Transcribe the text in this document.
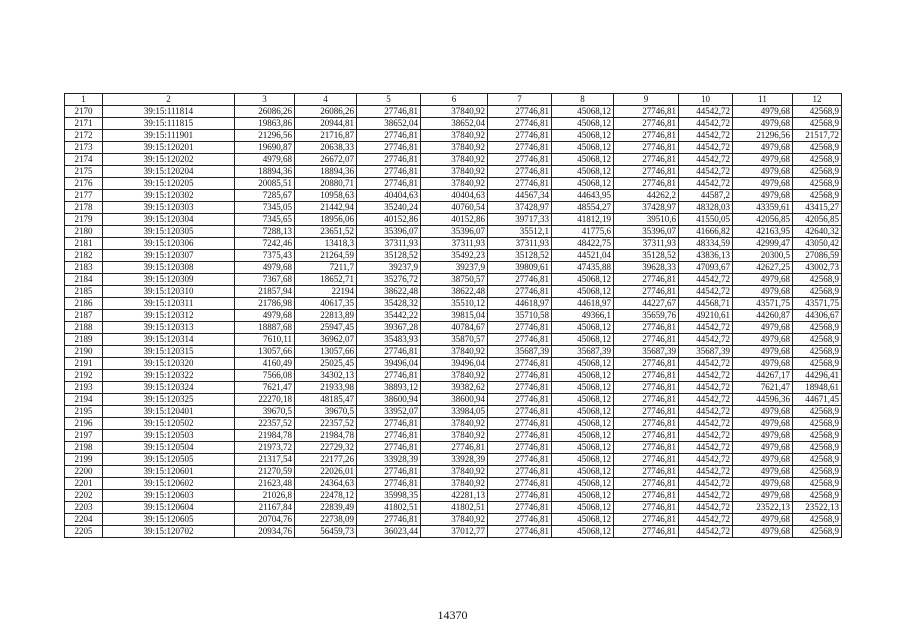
1	2	3	4	5	6	7	8	9	10	11	12
2170	39:15:111814	26086,26	26086,26	27746,81	37840,92	27746,81	45068,12	27746,81	44542,72	4979,68	42568,9
2171	39:15:111815	19863,86	20944,81	38652,04	38652,04	27746,81	45068,12	27746,81	44542,72	4979,68	42568,9
2172	39:15:111901	21296,56	21716,87	27746,81	37840,92	27746,81	45068,12	27746,81	44542,72	21296,56	21517,72
2173	39:15:120201	19690,87	20638,33	27746,81	37840,92	27746,81	45068,12	27746,81	44542,72	4979,68	42568,9
2174	39:15:120202	4979,68	26672,07	27746,81	37840,92	27746,81	45068,12	27746,81	44542,72	4979,68	42568,9
2175	39:15:120204	18894,36	18894,36	27746,81	37840,92	27746,81	45068,12	27746,81	44542,72	4979,68	42568,9
2176	39:15:120205	20085,51	20880,71	27746,81	37840,92	27746,81	45068,12	27746,81	44542,72	4979,68	42568,9
2177	39:15:120302	7285,67	10958,63	40404,63	40404,63	44567,34	44643,95	44262,2	44587,2	4979,68	42568,9
2178	39:15:120303	7345,05	21442,94	35240,24	40760,54	37428,97	48554,27	37428,97	48328,03	43359,61	43415,27
2179	39:15:120304	7345,65	18956,06	40152,86	40152,86	39717,33	41812,19	39510,6	41550,05	42056,85	42056,85
2180	39:15:120305	7288,13	23651,52	35396,07	35396,07	35512,1	41775,6	35396,07	41666,82	42163,95	42640,32
2181	39:15:120306	7242,46	13418,3	37311,93	37311,93	37311,93	48422,75	37311,93	48334,59	42999,47	43050,42
2182	39:15:120307	7375,43	21264,59	35128,52	35492,23	35128,52	44521,04	35128,52	43836,13	20300,5	27086,59
2183	39:15:120308	4979,68	7211,7	39237,9	39237,9	39809,61	47435,88	39628,33	47093,67	42627,25	43002,73
2184	39:15:120309	7367,68	18652,71	35276,72	38750,57	27746,81	45068,12	27746,81	44542,72	4979,68	42568,9
2185	39:15:120310	21857,94	22194	38622,48	38622,48	27746,81	45068,12	27746,81	44542,72	4979,68	42568,9
2186	39:15:120311	21786,98	40617,35	35428,32	35510,12	44618,97	44618,97	44227,67	44568,71	43571,75	43571,75
2187	39:15:120312	4979,68	22813,89	35442,22	39815,04	35710,58	49366,1	35659,76	49210,61	44260,87	44306,67
2188	39:15:120313	18887,68	25947,45	39367,28	40784,67	27746,81	45068,12	27746,81	44542,72	4979,68	42568,9
2189	39:15:120314	7610,11	36962,07	35483,93	35870,57	27746,81	45068,12	27746,81	44542,72	4979,68	42568,9
2190	39:15:120315	13057,66	13057,66	27746,81	37840,92	35687,39	35687,39	35687,39	35687,39	4979,68	42568,9
2191	39:15:120320	4160,49	25025,45	39496,04	39496,04	27746,81	45068,12	27746,81	44542,72	4979,68	42568,9
2192	39:15:120322	7566,08	34302,13	27746,81	37840,92	27746,81	45068,12	27746,81	44542,72	44267,17	44296,41
2193	39:15:120324	7621,47	21933,98	38893,12	39382,62	27746,81	45068,12	27746,81	44542,72	7621,47	18948,61
2194	39:15:120325	22270,18	48185,47	38600,94	38600,94	27746,81	45068,12	27746,81	44542,72	44596,36	44671,45
2195	39:15:120401	39670,5	39670,5	33952,07	33984,05	27746,81	45068,12	27746,81	44542,72	4979,68	42568,9
2196	39:15:120502	22357,52	22357,52	27746,81	37840,92	27746,81	45068,12	27746,81	44542,72	4979,68	42568,9
2197	39:15:120503	21984,78	21984,78	27746,81	37840,92	27746,81	45068,12	27746,81	44542,72	4979,68	42568,9
2198	39:15:120504	21973,72	22729,32	27746,81	27746,81	27746,81	45068,12	27746,81	44542,72	4979,68	42568,9
2199	39:15:120505	21317,54	22177,26	33928,39	33928,39	27746,81	45068,12	27746,81	44542,72	4979,68	42568,9
2200	39:15:120601	21270,59	22026,01	27746,81	37840,92	27746,81	45068,12	27746,81	44542,72	4979,68	42568,9
2201	39:15:120602	21623,48	24364,63	27746,81	37840,92	27746,81	45068,12	27746,81	44542,72	4979,68	42568,9
2202	39:15:120603	21026,8	22478,12	35998,35	42281,13	27746,81	45068,12	27746,81	44542,72	4979,68	42568,9
2203	39:15:120604	21167,84	22839,49	41802,51	41802,51	27746,81	45068,12	27746,81	44542,72	23522,13	23522,13
2204	39:15:120605	20704,76	22738,09	27746,81	37840,92	27746,81	45068,12	27746,81	44542,72	4979,68	42568,9
2205	39:15:120702	20934,76	56459,73	36023,44	37012,77	27746,81	45068,12	27746,81	44542,72	4979,68	42568,9
14370
